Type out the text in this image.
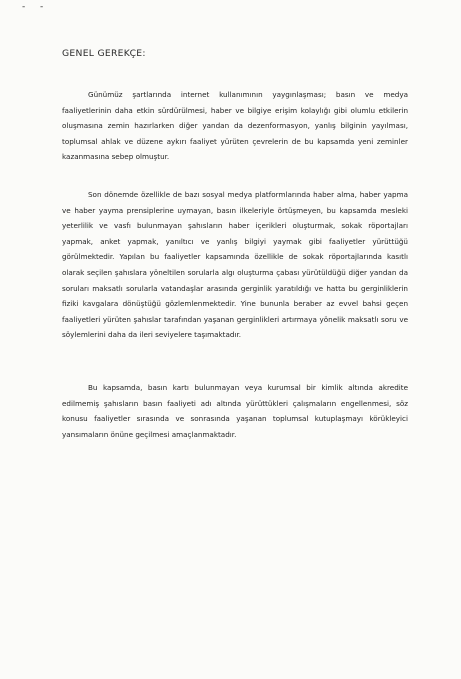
- -
GENEL GEREKÇE:
Günümüz şartlarında internet kullanımının yaygınlaşması; basın ve medya
faaliyetlerinin daha etkin sürdürülmesi, haber ve bilgiye erişim kolaylığı gibi olumlu etkilerin
oluşmasına zemin hazırlarken diğer yandan da dezenformasyon, yanlış bilginin yayılması,
toplumsal ahlak ve düzene aykırı faaliyet yürüten çevrelerin de bu kapsamda yeni zeminler
kazanmasına sebep olmuştur.
Son dönemde özellikle de bazı sosyal medya platformlarında haber alma, haber yapma
ve haber yayma prensiplerine uymayan, basın ilkeleriyle örtüşmeyen, bu kapsamda mesleki
yeterlilik ve vasfı bulunmayan şahısların haber içerikleri oluşturmak, sokak röportajları
yapmak, anket yapmak, yanıltıcı ve yanlış bilgiyi yaymak gibi faaliyetler yürüttüğü
görülmektedir. Yapılan bu faaliyetler kapsamında özellikle de sokak röportajlarında kasıtlı
olarak seçilen şahıslara yöneltilen sorularla algı oluşturma çabası yürütüldüğü diğer yandan da
soruları maksatlı sorularla vatandaşlar arasında gerginlik yaratıldığı ve hatta bu gerginliklerin
fiziki kavgalara dönüştüğü gözlemlenmektedir. Yine bununla beraber az evvel bahsi geçen
faaliyetleri yürüten şahıslar tarafından yaşanan gerginlikleri artırmaya yönelik maksatlı soru ve
söylemlerini daha da ileri seviyelere taşımaktadır.
Bu kapsamda, basın kartı bulunmayan veya kurumsal bir kimlik altında akredite
edilmemiş şahısların basın faaliyeti adı altında yürüttükleri çalışmaların engellenmesi, söz
konusu faaliyetler sırasında ve sonrasında yaşanan toplumsal kutuplaşmayı körükleyici
yansımaların önüne geçilmesi amaçlanmaktadır.
